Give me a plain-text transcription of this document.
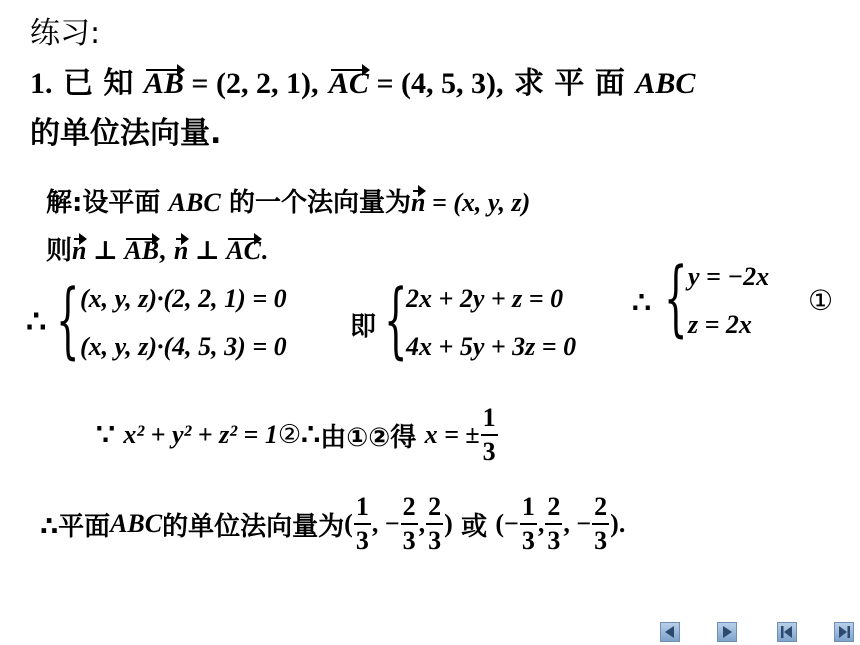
练习:
1. 已 知 AB = (2, 2, 1), AC = (4, 5, 3), 求 平 面 ABC
的单位法向量.
解:设平面 ABC 的一个法向量为n = (x, y, z)
则n ⊥ AB, n ⊥ AC.
∴ { (x, y, z)·(2, 2, 1) = 0
(x, y, z)·(4, 5, 3) = 0
即 {
2x + 2y + z = 0
4x + 5y + 3z = 0
∴ { y = −2x
z = 2x
①
∵
x² + y² + z² = 1 ② ∴ 由①②得
x = ± $\frac{1}{3}$
∴平面 ABC 的单位法向量为 ( $\frac{1}{3}$ , − $\frac{2}{3}$ , $\frac{2}{3}$ )
或
(− $\frac{1}{3}$ , $\frac{2}{3}$ , − $\frac{2}{3}$ ) .
